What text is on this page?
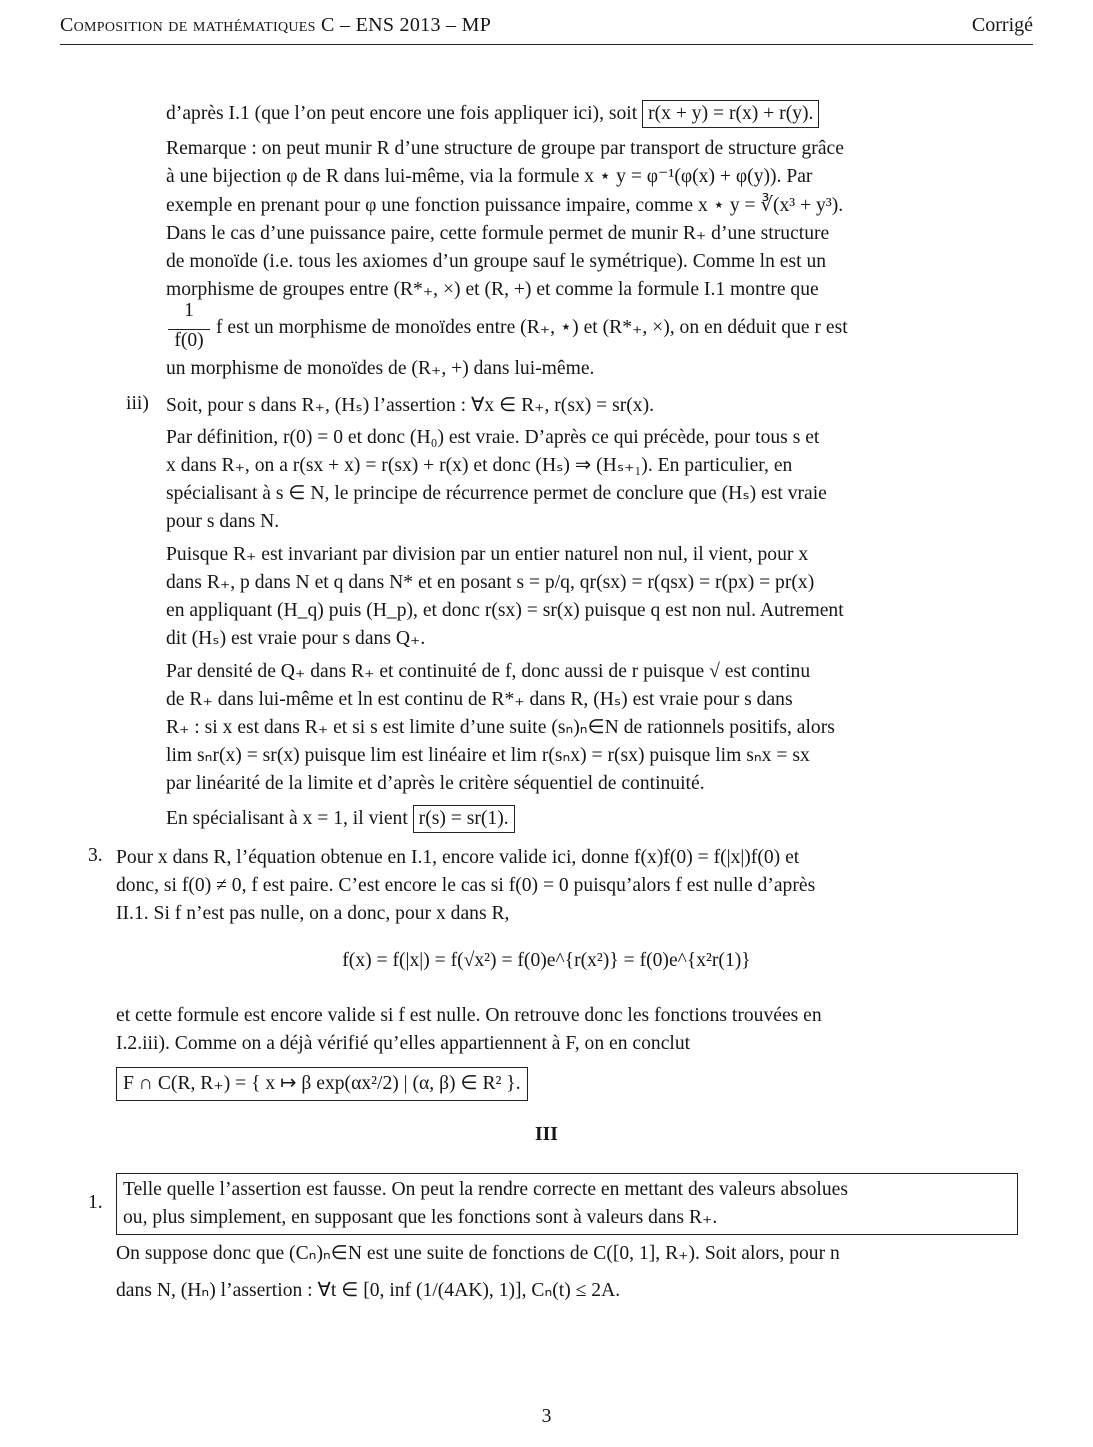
Composition de mathématiques C – ENS 2013 – MP	Corrigé
d’après I.1 (que l’on peut encore une fois appliquer ici), soit r(x + y) = r(x) + r(y).
Remarque : on peut munir R d’une structure de groupe par transport de structure grâce
à une bijection φ de R dans lui-même, via la formule x ⋆ y = φ⁻¹(φ(x) + φ(y)). Par
exemple en prenant pour φ une fonction puissance impaire, comme x ⋆ y = ∛(x³ + y³).
Dans le cas d’une puissance paire, cette formule permet de munir R₊ d’une structure
de monoïde (i.e. tous les axiomes d’un groupe sauf le symétrique). Comme ln est un
morphisme de groupes entre (R*₊, ×) et (R, +) et comme la formule I.1 montre que
1
f(0)
f est un morphisme de monoïdes entre (R₊, ⋆) et (R*₊, ×), on en déduit que r est
un morphisme de monoïdes de (R₊, +) dans lui-même.
iii) Soit, pour s dans R₊, (Hₛ) l’assertion : ∀x ∈ R₊, r(sx) = sr(x).
Par définition, r(0) = 0 et donc (H₀) est vraie. D’après ce qui précède, pour tous s et
x dans R₊, on a r(sx + x) = r(sx) + r(x) et donc (Hₛ) ⇒ (Hₛ₊₁). En particulier, en
spécialisant à s ∈ N, le principe de récurrence permet de conclure que (Hₛ) est vraie
pour s dans N.
Puisque R₊ est invariant par division par un entier naturel non nul, il vient, pour x
dans R₊, p dans N et q dans N* et en posant s = p/q, qr(sx) = r(qsx) = r(px) = pr(x)
en appliquant (H_q) puis (H_p), et donc r(sx) = sr(x) puisque q est non nul. Autrement
dit (Hₛ) est vraie pour s dans Q₊.
Par densité de Q₊ dans R₊ et continuité de f, donc aussi de r puisque √ est continu
de R₊ dans lui-même et ln est continu de R*₊ dans R, (Hₛ) est vraie pour s dans
R₊ : si x est dans R₊ et si s est limite d’une suite (sₙ)ₙ∈N de rationnels positifs, alors
lim sₙr(x) = sr(x) puisque lim est linéaire et lim r(sₙx) = r(sx) puisque lim sₙx = sx
par linéarité de la limite et d’après le critère séquentiel de continuité.
En spécialisant à x = 1, il vient r(s) = sr(1).
3. Pour x dans R, l’équation obtenue en I.1, encore valide ici, donne f(x)f(0) = f(|x|)f(0) et
donc, si f(0) ≠ 0, f est paire. C’est encore le cas si f(0) = 0 puisqu’alors f est nulle d’après
II.1. Si f n’est pas nulle, on a donc, pour x dans R,
f(x) = f(|x|) = f(√x²) = f(0)e^{r(x²)} = f(0)e^{x²r(1)}
et cette formule est encore valide si f est nulle. On retrouve donc les fonctions trouvées en
I.2.iii). Comme on a déjà vérifié qu’elles appartiennent à F, on en conclut
F ∩ C(R, R₊) = { x ↦ β exp(αx²/2) | (α, β) ∈ R² }.
III
1.
Telle quelle l’assertion est fausse. On peut la rendre correcte en mettant des valeurs absolues
ou, plus simplement, en supposant que les fonctions sont à valeurs dans R₊.
On suppose donc que (Cₙ)ₙ∈N est une suite de fonctions de C([0, 1], R₊). Soit alors, pour n
dans N, (Hₙ) l’assertion : ∀t ∈ [0, inf (1/(4AK), 1)], Cₙ(t) ≤ 2A.
3
